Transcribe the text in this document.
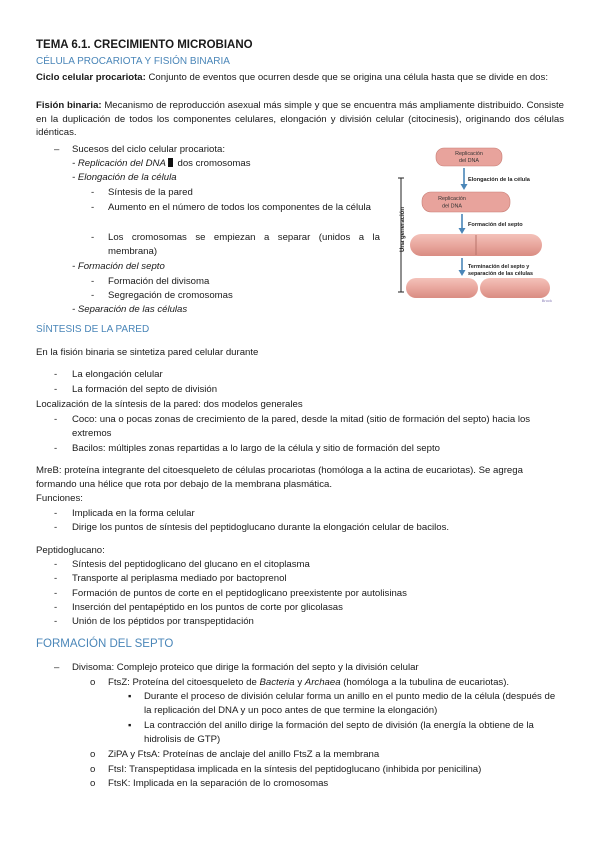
TEMA 6.1. CRECIMIENTO MICROBIANO
CÉLULA PROCARIOTA Y FISIÓN BINARIA
Ciclo celular procariota: Conjunto de eventos que ocurren desde que se origina una célula hasta que se divide en dos:
Fisión binaria: Mecanismo de reproducción asexual más simple y que se encuentra más ampliamente distribuido. Consiste en la duplicación de todos los componentes celulares, elongación y división celular (citocinesis), originando dos células idénticas.
– Sucesos del ciclo celular procariota:
- Replicación del DNA dos cromosomas
- Elongación de la célula
- Síntesis de la pared
- Aumento en el número de todos los componentes de la célula
- Los cromosomas se empiezan a separar (unidos a la membrana)
- Formación del septo
- Formación del divisoma
- Segregación de cromosomas
- Separación de las células
Una generación
Replicación
del DNA
Elongación de la célula
Replicación
del DNA
Formación del septo
Terminación del septo y
separación de las células
Brock
SÍNTESIS DE LA PARED
En la fisión binaria se sintetiza pared celular durante
- La elongación celular
- La formación del septo de división
Localización de la síntesis de la pared: dos modelos generales
- Coco: una o pocas zonas de crecimiento de la pared, desde la mitad (sitio de formación del septo) hacia los extremos
- Bacilos: múltiples zonas repartidas a lo largo de la célula y sitio de formación del septo
MreB: proteína integrante del citoesqueleto de células procariotas (homóloga a la actina de eucariotas). Se agrega formando una hélice que rota por debajo de la membrana plasmática.
Funciones:
- Implicada en la forma celular
- Dirige los puntos de síntesis del peptidoglucano durante la elongación celular de bacilos.
Peptidoglucano:
- Síntesis del peptidoglicano del glucano en el citoplasma
- Transporte al periplasma mediado por bactoprenol
- Formación de puntos de corte en el peptidoglicano preexistente por autolisinas
- Inserción del pentapéptido en los puntos de corte por glicolasas
- Unión de los péptidos por transpeptidación
FORMACIÓN DEL SEPTO
– Divisoma: Complejo proteico que dirige la formación del septo y la división celular
o FtsZ: Proteína del citoesqueleto de Bacteria y Archaea (homóloga a la tubulina de eucariotas).
▪ Durante el proceso de división celular forma un anillo en el punto medio de la célula (después de la replicación del DNA y un poco antes de que termine la elongación)
▪ La contracción del anillo dirige la formación del septo de división (la energía la obtiene de la hidrolisis de GTP)
o ZiPA y FtsA: Proteínas de anclaje del anillo FtsZ a la membrana
o FtsI: Transpeptidasa implicada en la síntesis del peptidoglucano (inhibida por penicilina)
o FtsK: Implicada en la separación de lo cromosomas
